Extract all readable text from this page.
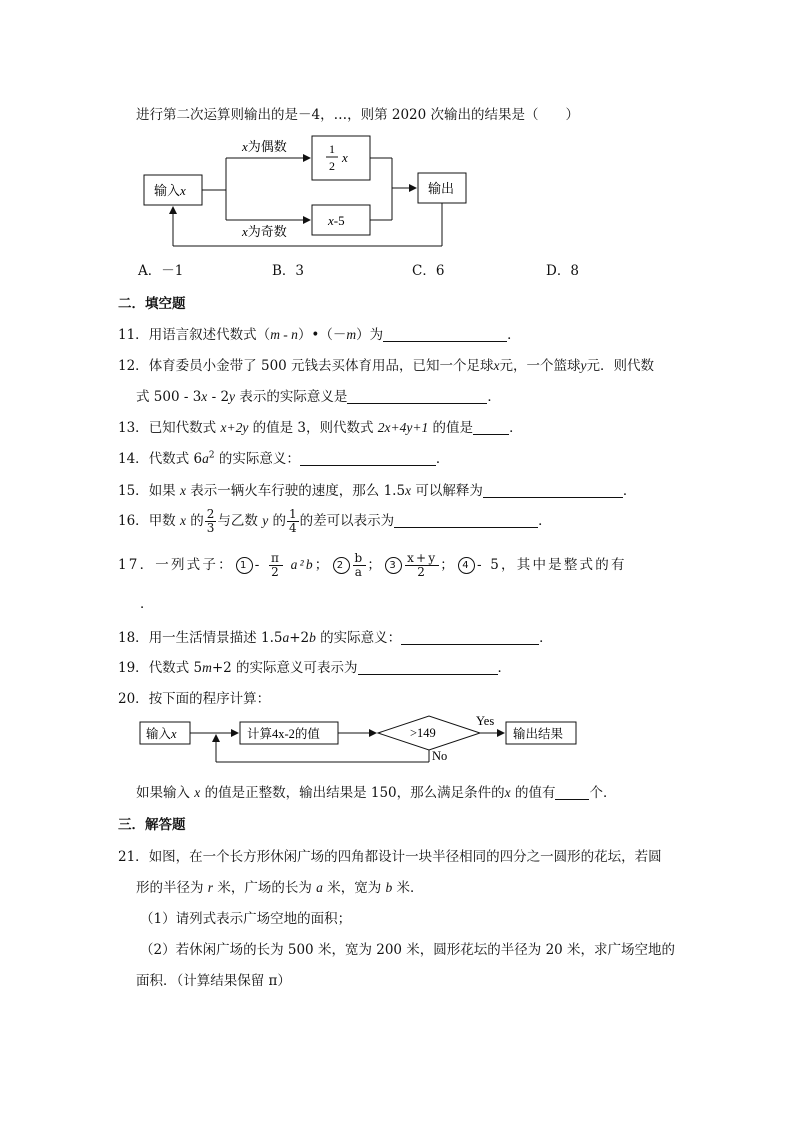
进行第二次运算则输出的是－4，…，则第 2020 次输出的结果是（　　）
输入x
x为偶数
x为奇数
1
2
x
x-5
输出
A．－1	B．3	C．6	D．8
二．填空题
11．用语言叙述代数式（m - n）•（－m）为	．
12．体育委员小金带了 500 元钱去买体育用品，已知一个足球x元，一个篮球y元．则代数
式 500 - 3x - 2y 表示的实际意义是	．
13．已知代数式 x+2y 的值是 3，则代数式 2x+4y+1 的值是	．
14．代数式 $6a^2$ 的实际意义：	．
15．如果 x 表示一辆火车行驶的速度，那么 1.5x 可以解释为	．
16．甲数 x 的 $\frac{2}{3}$ 与乙数 y 的 $\frac{1}{4}$ 的差可以表示为	．
17．一列式子： $1 - \frac{\pi}{2} a^2b$； $2 \frac{b}{a}$ ； $3 \frac{x+y}{2}$ ； 4 - 5，其中是整式的有
．
18．用一生活情景描述 1.5a+2b 的实际意义：	．
19．代数式 5m+2 的实际意义可表示为	．
20．按下面的程序计算：
输入x	计算4x-2的值	>149
Yes
输出结果
No
如果输入 x 的值是正整数，输出结果是 150，那么满足条件的x 的值有	个．
三．解答题
21．如图，在一个长方形休闲广场的四角都设计一块半径相同的四分之一圆形的花坛，若圆
形的半径为 r 米，广场的长为 a 米，宽为 b 米．
（1）请列式表示广场空地的面积；
（2）若休闲广场的长为 500 米，宽为 200 米，圆形花坛的半径为 20 米，求广场空地的
面积．（计算结果保留 π）
